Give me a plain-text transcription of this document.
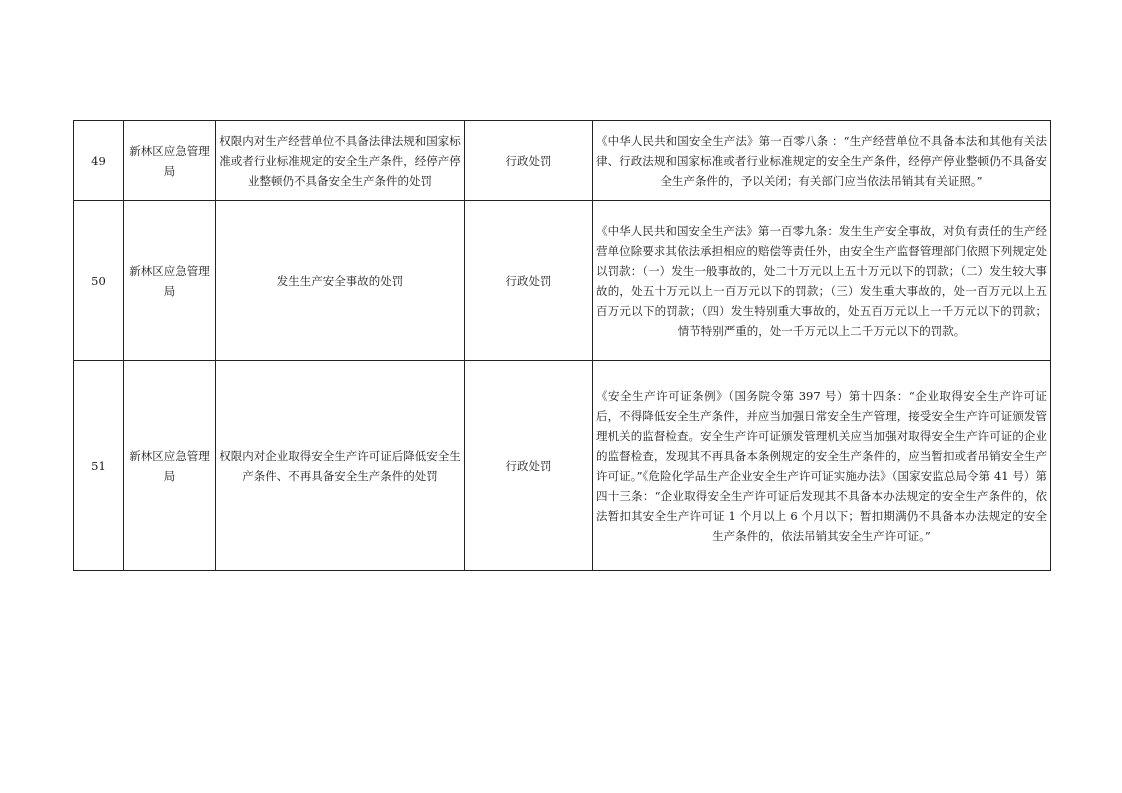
49	新林区应急管理局	权限内对生产经营单位不具备法律法规和国家标准或者行业标准规定的安全生产条件，经停产停业整顿仍不具备安全生产条件的处罚	行政处罚	《中华人民共和国安全生产法》第一百零八条 ：“生产经营单位不具备本法和其他有关法律、行政法规和国家标准或者行业标准规定的安全生产条件，经停产停业整顿仍不具备安全生产条件的，予以关闭；有关部门应当依法吊销其有关证照。”
50	新林区应急管理局	发生生产安全事故的处罚	行政处罚	《中华人民共和国安全生产法》第一百零九条：发生生产安全事故，对负有责任的生产经营单位除要求其依法承担相应的赔偿等责任外，由安全生产监督管理部门依照下列规定处以罚款：（一）发生一般事故的，处二十万元以上五十万元以下的罚款；（二）发生较大事故的，处五十万元以上一百万元以下的罚款；（三）发生重大事故的，处一百万元以上五百万元以下的罚款；（四）发生特别重大事故的，处五百万元以上一千万元以下的罚款；情节特别严重的，处一千万元以上二千万元以下的罚款。
51	新林区应急管理局	权限内对企业取得安全生产许可证后降低安全生产条件、不再具备安全生产条件的处罚	行政处罚	《安全生产许可证条例》（国务院令第 397 号）第十四条：“企业取得安全生产许可证后，不得降低安全生产条件，并应当加强日常安全生产管理，接受安全生产许可证颁发管理机关的监督检查。安全生产许可证颁发管理机关应当加强对取得安全生产许可证的企业的监督检查，发现其不再具备本条例规定的安全生产条件的，应当暂扣或者吊销安全生产许可证。”《危险化学品生产企业安全生产许可证实施办法》（国家安监总局令第 41 号）第四十三条：“企业取得安全生产许可证后发现其不具备本办法规定的安全生产条件的，依法暂扣其安全生产许可证 1 个月以上 6 个月以下；暂扣期满仍不具备本办法规定的安全生产条件的，依法吊销其安全生产许可证。”
